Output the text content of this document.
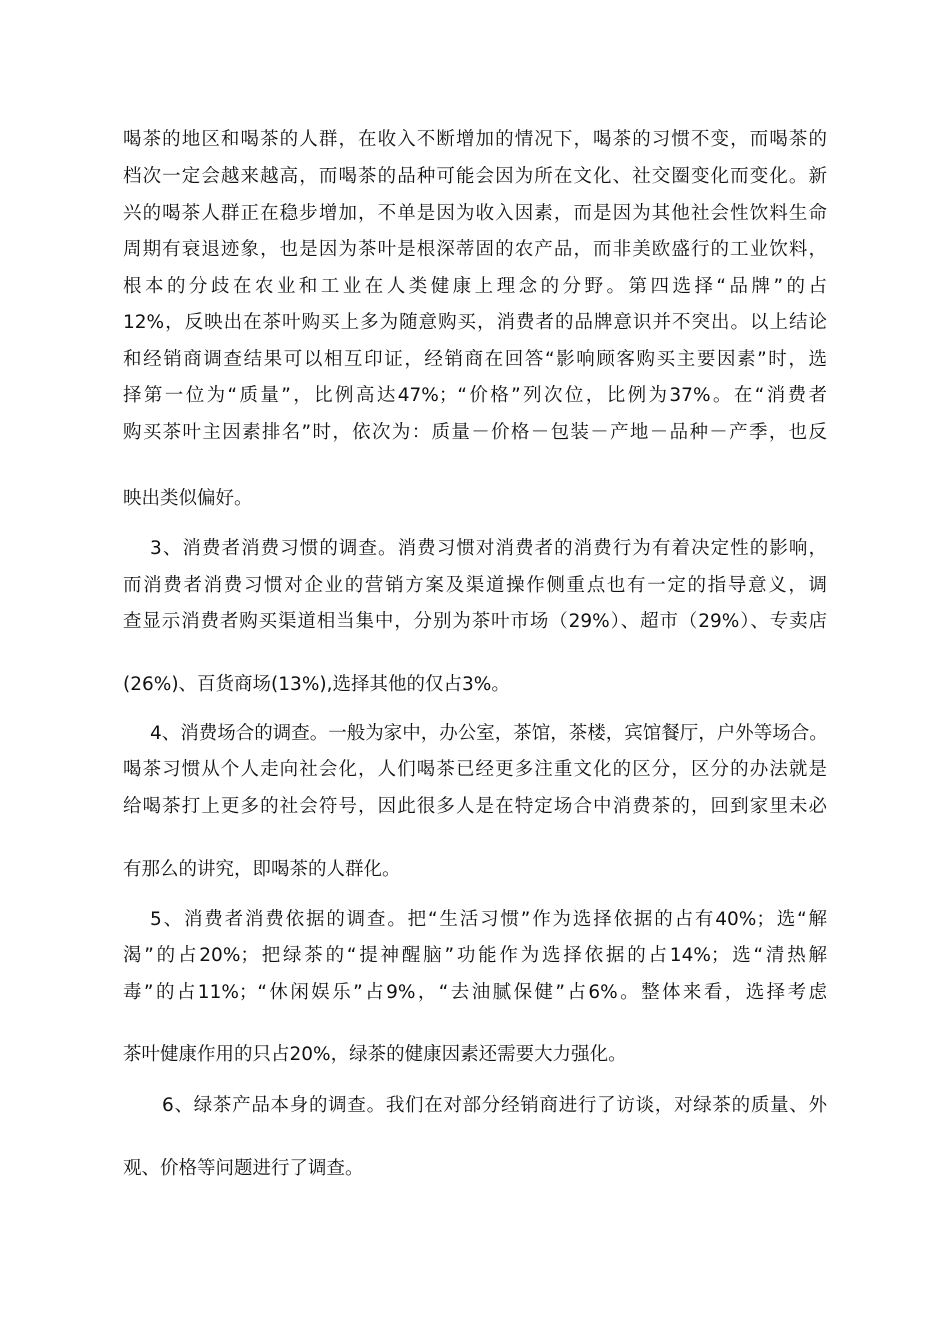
喝茶的地区和喝茶的人群，在收入不断增加的情况下，喝茶的习惯不变，而喝茶的
档次一定会越来越高，而喝茶的品种可能会因为所在文化、社交圈变化而变化。新
兴的喝茶人群正在稳步增加，不单是因为收入因素，而是因为其他社会性饮料生命
周期有衰退迹象，也是因为茶叶是根深蒂固的农产品，而非美欧盛行的工业饮料，
根本的分歧在农业和工业在人类健康上理念的分野。第四选择“品牌”的占
12%，反映出在茶叶购买上多为随意购买，消费者的品牌意识并不突出。以上结论
和经销商调查结果可以相互印证，经销商在回答“影响顾客购买主要因素”时，选
择第一位为“质量”，比例高达47%；“价格”列次位，比例为37%。在“消费者
购买茶叶主因素排名”时，依次为：质量－价格－包装－产地－品种－产季，也反
映出类似偏好。
3、消费者消费习惯的调查。消费习惯对消费者的消费行为有着决定性的影响，
而消费者消费习惯对企业的营销方案及渠道操作侧重点也有一定的指导意义，调
查显示消费者购买渠道相当集中，分别为茶叶市场（29%）、超市（29%）、专卖店
(26%)、百货商场(13%),选择其他的仅占3%。
4、消费场合的调查。一般为家中，办公室，茶馆，茶楼，宾馆餐厅，户外等场合。
喝茶习惯从个人走向社会化，人们喝茶已经更多注重文化的区分，区分的办法就是
给喝茶打上更多的社会符号，因此很多人是在特定场合中消费茶的，回到家里未必
有那么的讲究，即喝茶的人群化。
5、消费者消费依据的调查。把“生活习惯”作为选择依据的占有40%；选“解
渴”的占20%；把绿茶的“提神醒脑”功能作为选择依据的占14%；选“清热解
毒”的占11%；“休闲娱乐”占9%，“去油腻保健”占6%。整体来看，选择考虑
茶叶健康作用的只占20%，绿茶的健康因素还需要大力强化。
6、绿茶产品本身的调查。我们在对部分经销商进行了访谈，对绿茶的质量、外
观、价格等问题进行了调查。
